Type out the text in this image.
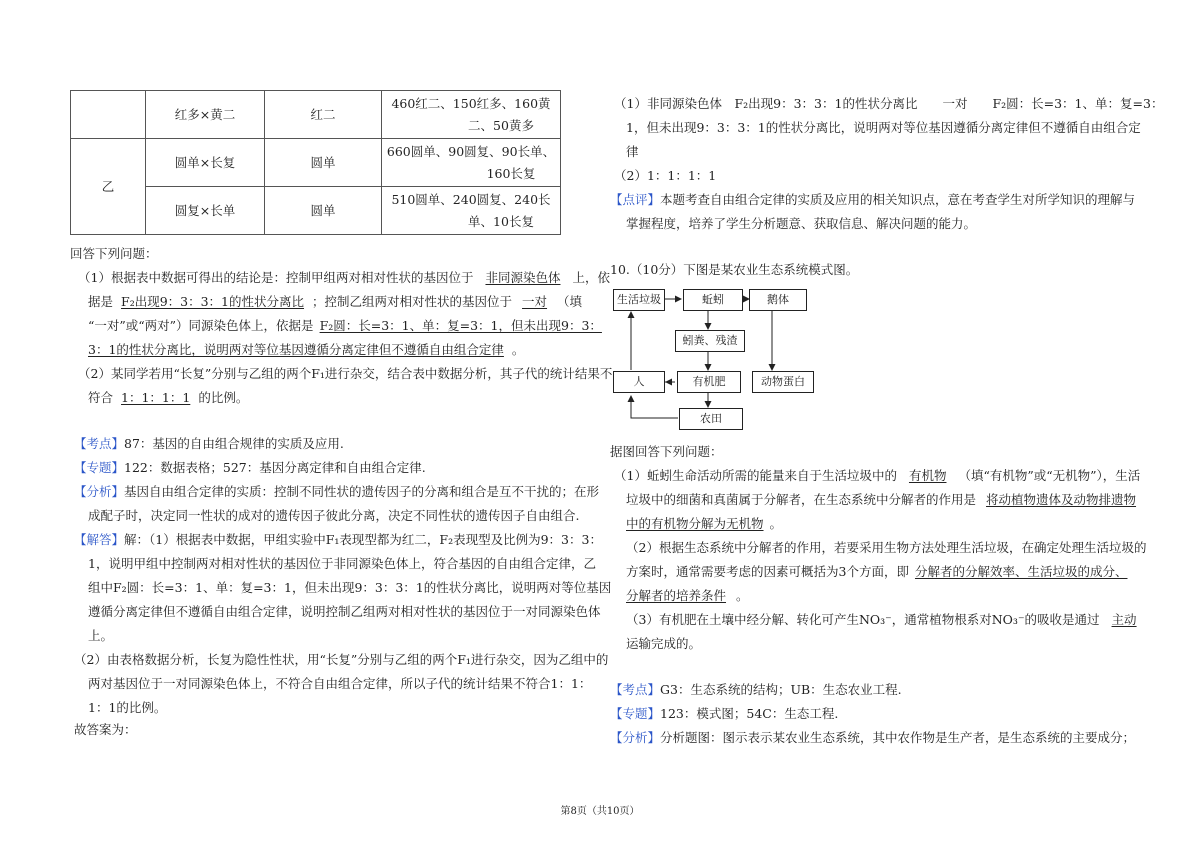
	红多×黄二	红二	460红二、150红多、160黄
二、50黄多
乙	圆单×长复	圆单	660圆单、90圆复、90长单、
160长复
	圆复×长单	圆单	510圆单、240圆复、240长
单、10长复
回答下列问题：
（1）根据表中数据可得出的结论是：控制甲组两对相对性状的基因位于 非同源染色体 上，依
据是 F₂出现9：3：3：1的性状分离比 ；控制乙组两对相对性状的基因位于 一对 （填
“一对”或“两对”）同源染色体上，依据是 F₂圆：长=3：1、单：复=3：1，但未出现9：3：
3：1的性状分离比，说明两对等位基因遵循分离定律但不遵循自由组合定律 。
（2）某同学若用“长复”分别与乙组的两个F₁进行杂交，结合表中数据分析，其子代的统计结果不
符合 1：1：1：1 的比例。
【考点】87：基因的自由组合规律的实质及应用.
【专题】122：数据表格；527：基因分离定律和自由组合定律.
【分析】基因自由组合定律的实质：控制不同性状的遗传因子的分离和组合是互不干扰的；在形
成配子时，决定同一性状的成对的遗传因子彼此分离，决定不同性状的遗传因子自由组合.
【解答】解：（1）根据表中数据，甲组实验中F₁表现型都为红二，F₂表现型及比例为9：3：3：
1，说明甲组中控制两对相对性状的基因位于非同源染色体上，符合基因的自由组合定律，乙
组中F₂圆：长=3：1、单：复=3：1，但未出现9：3：3：1的性状分离比，说明两对等位基因
遵循分离定律但不遵循自由组合定律，说明控制乙组两对相对性状的基因位于一对同源染色体
上。
（2）由表格数据分析，长复为隐性性状，用“长复”分别与乙组的两个F₁进行杂交，因为乙组中的
两对基因位于一对同源染色体上，不符合自由组合定律，所以子代的统计结果不符合1：1：
1：1的比例。
故答案为：
（1）非同源染色体　F₂出现9：3：3：1的性状分离比　　一对　　F₂圆：长=3：1、单：复=3：
1，但未出现9：3：3：1的性状分离比，说明两对等位基因遵循分离定律但不遵循自由组合定
律
（2）1：1：1：1
【点评】本题考查自由组合定律的实质及应用的相关知识点，意在考查学生对所学知识的理解与
掌握程度，培养了学生分析题意、获取信息、解决问题的能力。
10.（10分）下图是某农业生态系统模式图。
生活垃圾	蚯蚓	鹅体
蚓粪、残渣
人	有机肥	动物蛋白
农田
据图回答下列问题：
（1）蚯蚓生命活动所需的能量来自于生活垃圾中的 有机物 （填“有机物”或“无机物”），生活
垃圾中的细菌和真菌属于分解者，在生态系统中分解者的作用是 将动植物遗体及动物排遗物
中的有机物分解为无机物 。
（2）根据生态系统中分解者的作用，若要采用生物方法处理生活垃圾，在确定处理生活垃圾的
方案时，通常需要考虑的因素可概括为3个方面，即 分解者的分解效率、生活垃圾的成分、
分解者的培养条件 。
（3）有机肥在土壤中经分解、转化可产生NO₃⁻，通常植物根系对NO₃⁻的吸收是通过 主动
运输完成的。
【考点】G3：生态系统的结构；UB：生态农业工程.
【专题】123：模式图；54C：生态工程.
【分析】分析题图：图示表示某农业生态系统，其中农作物是生产者，是生态系统的主要成分；
第8页（共10页）
